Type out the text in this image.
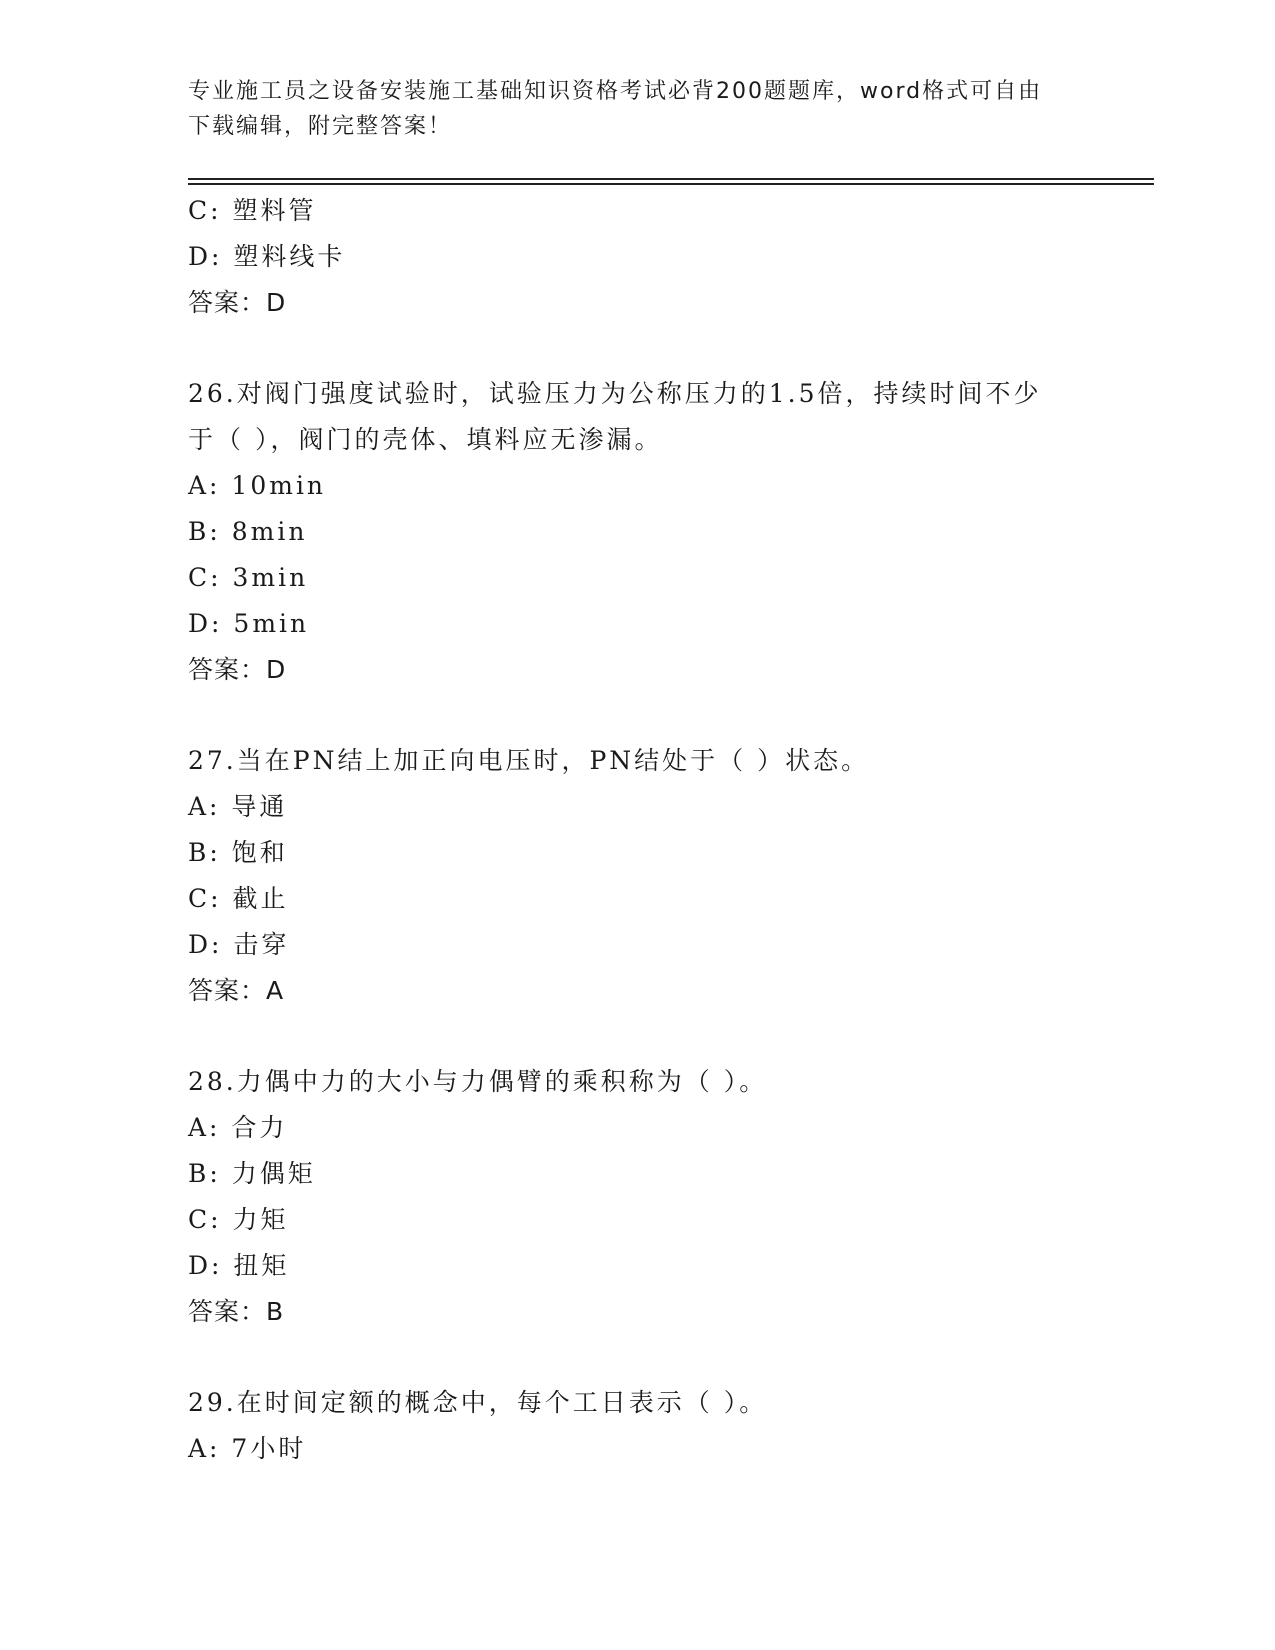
专业施工员之设备安装施工基础知识资格考试必背200题题库，word格式可自由
下载编辑，附完整答案！
C: 塑料管
D: 塑料线卡
答案：D
26.对阀门强度试验时，试验压力为公称压力的1.5倍，持续时间不少
于（ ），阀门的壳体、填料应无渗漏。
A: 10min
B: 8min
C: 3min
D: 5min
答案：D
27.当在PN结上加正向电压时，PN结处于（ ）状态。
A: 导通
B: 饱和
C: 截止
D: 击穿
答案：A
28.力偶中力的大小与力偶臂的乘积称为（ ）。
A: 合力
B: 力偶矩
C: 力矩
D: 扭矩
答案：B
29.在时间定额的概念中，每个工日表示（ ）。
A: 7小时
